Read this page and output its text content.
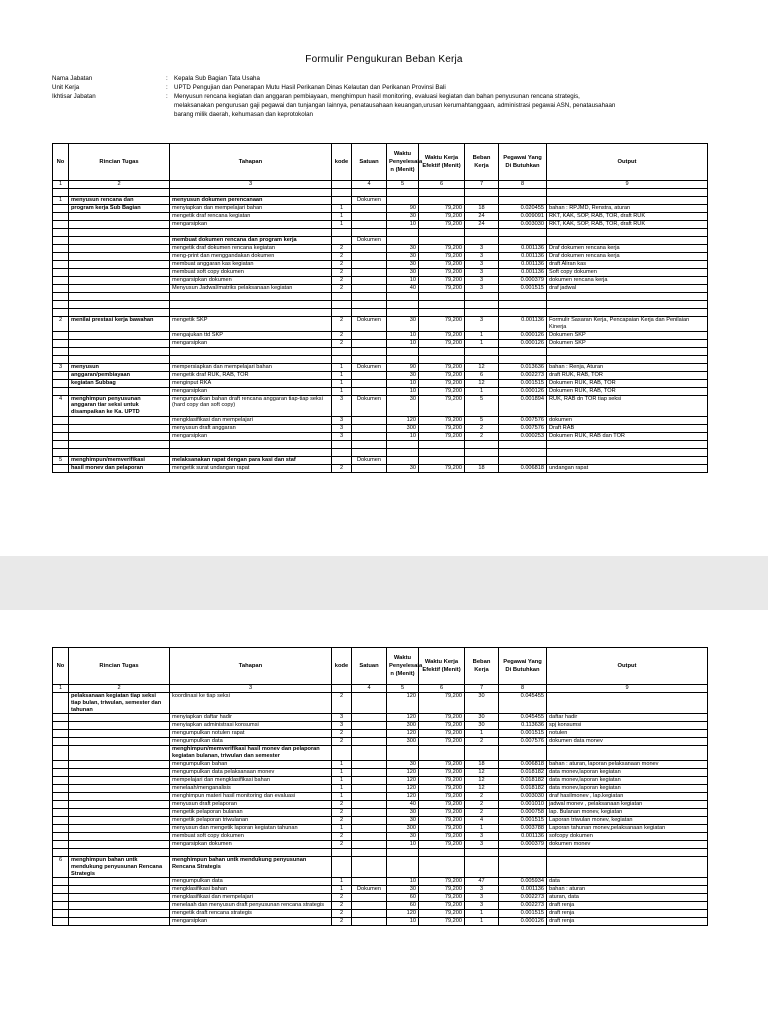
Formulir Pengukuran Beban Kerja
Nama Jabatan	:	Kepala Sub Bagian Tata Usaha
Unit Kerja	:	UPTD Pengujian dan Penerapan Mutu Hasil Perikanan Dinas Kelautan dan Perikanan Provinsi Bali
Ikhtisar Jabatan	:	Menyusun rencana kegiatan dan anggaran pembiayaan, menghimpun hasil monitoring, evaluasi kegiatan dan bahan penyusunan rencana strategis,
melaksanakan pengurusan gaji pegawai dan tunjangan lainnya, penatausahaan keuangan,urusan kerumahtanggaan, administrasi pegawai ASN, penatausahaan
barang milik daerah, kehumasan dan keprotokolan
No	Rincian Tugas	Tahapan	kode	Satuan	Waktu Penyelesaia n (Menit)	Waktu Kerja Efektif (Menit)	Beban Kerja	Pegawai Yang Di Butuhkan	Output
1	2	3		4	5	6	7	8	9

1	menyusun rencana dan	menyusun dokumen perencanaan		Dokumen					
	program kerja Sub Bagian	menyiapkan dan mempelajari bahan	1		90	79,200	18	0.020455	bahan : RPJMD, Renstra, aturan
		mengetik draf rencana kegiatan	1		30	79,200	24	0.009091	RKT, KAK, SOP, RAB, TOR, draft RUK
		mengarsipkan	1		10	79,200	24	0.003030	RKT, KAK, SOP, RAB, TOR, draft RUK

		membuat dokumen rencana dan program kerja		Dokumen					
		mengetik draf dokumen rencana kegiatan	2		30	79,200	3	0.001136	Draf dokumen rencana kerja
		meng-print dan menggandakan dokumen	2		30	79,200	3	0.001136	Draf dokumen rencana kerja
		membuat anggaran kas kegiatan	2		30	79,200	3	0.001136	draft Aliran kas
		membuat soft copy dokumen	2		30	79,200	3	0.001136	Soft copy dokumen
		mengarsipkan dokumen	2		10	79,200	3	0.000379	dokumen rencana kerja
		Menyusun Jadwal/matriks pelaksanaan kegiatan	2		40	79,200	3	0.001515	draf jadwal

2	menilai prestasi kerja bawahan	mengetik SKP	2	Dokumen	30	79,200	3	0.001136	Formulir Sasaran Kerja, Pencapaian Kerja dan Penilaian Kinerja
		mengajukan ttd SKP	2		10	79,200	1	0.000126	Dokumen SKP
		mengarsipkan	2		10	79,200	1	0.000126	Dokumen SKP

3	menyusun	mempersiapkan dan mempelajari bahan	1	Dokumen	90	79,200	12	0.013636	bahan : Renja, Aturan
	anggaran/pembiayaan	mengetik draf RUK, RAB, TOR	1		30	79,200	6	0.002273	draft RUK, RAB, TOR
	kegiatan Subbag	menginput RKA	1		10	79,200	12	0.001515	Dokumen RUK, RAB, TOR
		mengarsipkan	1		10	79,200	1	0.000126	Dokumen RUK, RAB, TOR
4	menghimpun penyusunan anggaran tiar seksi untuk disampaikan ke Ka. UPTD	mengumpulkan bahan draft rencana anggaran tiap-tiap seksi (hard copy dan soft copy)	3	Dokumen	30	79,200	5	0.001894	RUK, RAB dn TOR tiap seksi
		mengklasifikasi dan mempelajari	3		120	79,200	5	0.007576	dokumen
		menyusun draft anggaran	3		300	79,200	2	0.007576	Draft RAB
		mengarsipkan	3		10	79,200	2	0.000253	Dokumen RUK, RAB dan TOR

5	menghimpun/memverifikasi	melaksanakan rapat dengan para kasi dan staf		Dokumen					
	hasil monev dan pelaporan	mengetik surat undangan rapat	2		30	79,200	18	0.006818	undangan rapat
No	Rincian Tugas	Tahapan	kode	Satuan	Waktu Penyelesaia n (Menit)	Waktu Kerja Efektif (Menit)	Beban Kerja	Pegawai Yang Di Butuhkan	Output
1	2	3		4	5	6	7	8	9
	pelaksanaan kegiatan tiap seksi tiap bulan, triwulan, semester dan tahunan	koordinasi ke tiap seksi	2		120	79,200	30	0.045455	
		menyiapkan daftar hadir	3		120	79,200	30	0.045455	daftar hadir
		menyiapkan administrasi konsumsi	3		300	79,200	30	0.113636	spj konsumsi
		mengumpulkan notulen rapat	2		120	79,200	1	0.001515	notulen
		mengumpulkan data	2		300	79,200	2	0.007576	dokumen data monev
		menghimpun/memverifikasi hasil monev dan pelaporan kegiatan bulanan, triwulan dan semester							
		mengumpulkan bahan	1		30	79,200	18	0.006818	bahan : aturan, laporan pelaksanaan monev
		mengumpulkan data pelaksanaan monev	1		120	79,200	12	0.018182	data monev,laporan kegiatan
		mempelajari dan mengklasifikasi bahan	1		120	79,200	12	0.018182	data monev,laporan kegiatan
		menelaah/menganalisis	1		120	79,200	12	0.018182	data monev,laporan kegiatan
		menghimpun materi hasil monitoring dan evaluasi	1		120	79,200	2	0.003030	draf hasilmonev , lap.kegiatan
		menyusun draft pelaporan	2		40	79,200	2	0.001010	jadwal monev , pelaksanaan kegiatan
		mengetik pelaporan bulanan	2		30	79,200	2	0.000758	lap. Bulanan monev, kegiatan
		mengetik pelaporan triwulanan	2		30	79,200	4	0.001515	Laporan triwulan monev, kegiatan
		menyusun dan mengetik laporan kegiatan tahunan	1		300	79,200	1	0.003788	Laporan tahunan monev,pelaksanaan kegiatan
		membuat soft copy dokumen	2		30	79,200	3	0.001136	sofcopy dokumen
		mengarsipkan dokumen	2		10	79,200	3	0.000379	dokumen monev

6	menghimpun bahan untk mendukung penyusunan Rencana Strategis	menghimpun bahan untk mendukung penyusunan Rencana Strategis							
		mengumpulkan data	1		10	79,200	47	0.005934	data
		mengklasifikasi bahan	1	Dokumen	30	79,200	3	0.001136	bahan : aturan
		mengklasifikasi dan mempelajari	2		60	79,200	3	0.002273	aturan, data
		menelaah dan menyusun draft penyusunan rencana strategis	2		60	79,200	3	0.002273	draft renja
		mengetik draft rencana strategis	2		120	79,200	1	0.001515	draft renja
		mengarsipkan	2		10	79,200	1	0.000126	draft renja
